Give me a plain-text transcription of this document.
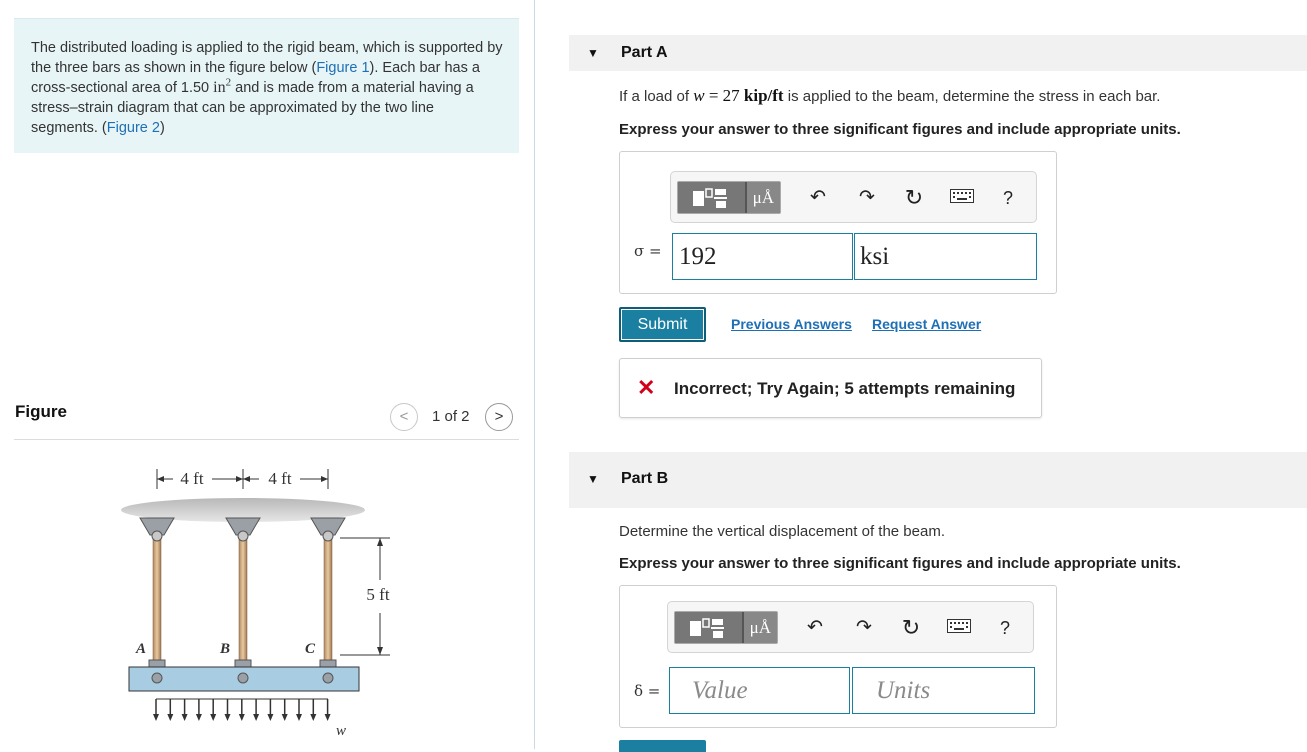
The distributed loading is applied to the rigid beam, which is supported by the three bars as shown in the figure below (Figure 1). Each bar has a cross-sectional area of 1.50 $in^2$ and is made from a material having a stress–strain diagram that can be approximated by the two line segments. (Figure 2)
Figure	<	1 of 2	>
4 ft	4 ft
5 ft
A	B	C
w
▼ Part A
If a load of w = 27 kip/ft is applied to the beam, determine the stress in each bar.
Express your answer to three significant figures and include appropriate units.
μÅ	↶ ↷ ↻	?
σ = 192	ksi
Submit	Previous Answers Request Answer
✕ Incorrect; Try Again; 5 attempts remaining
▼ Part B
Determine the vertical displacement of the beam.
Express your answer to three significant figures and include appropriate units.
μÅ	↶ ↷ ↻	?
δ =	Value	Units
